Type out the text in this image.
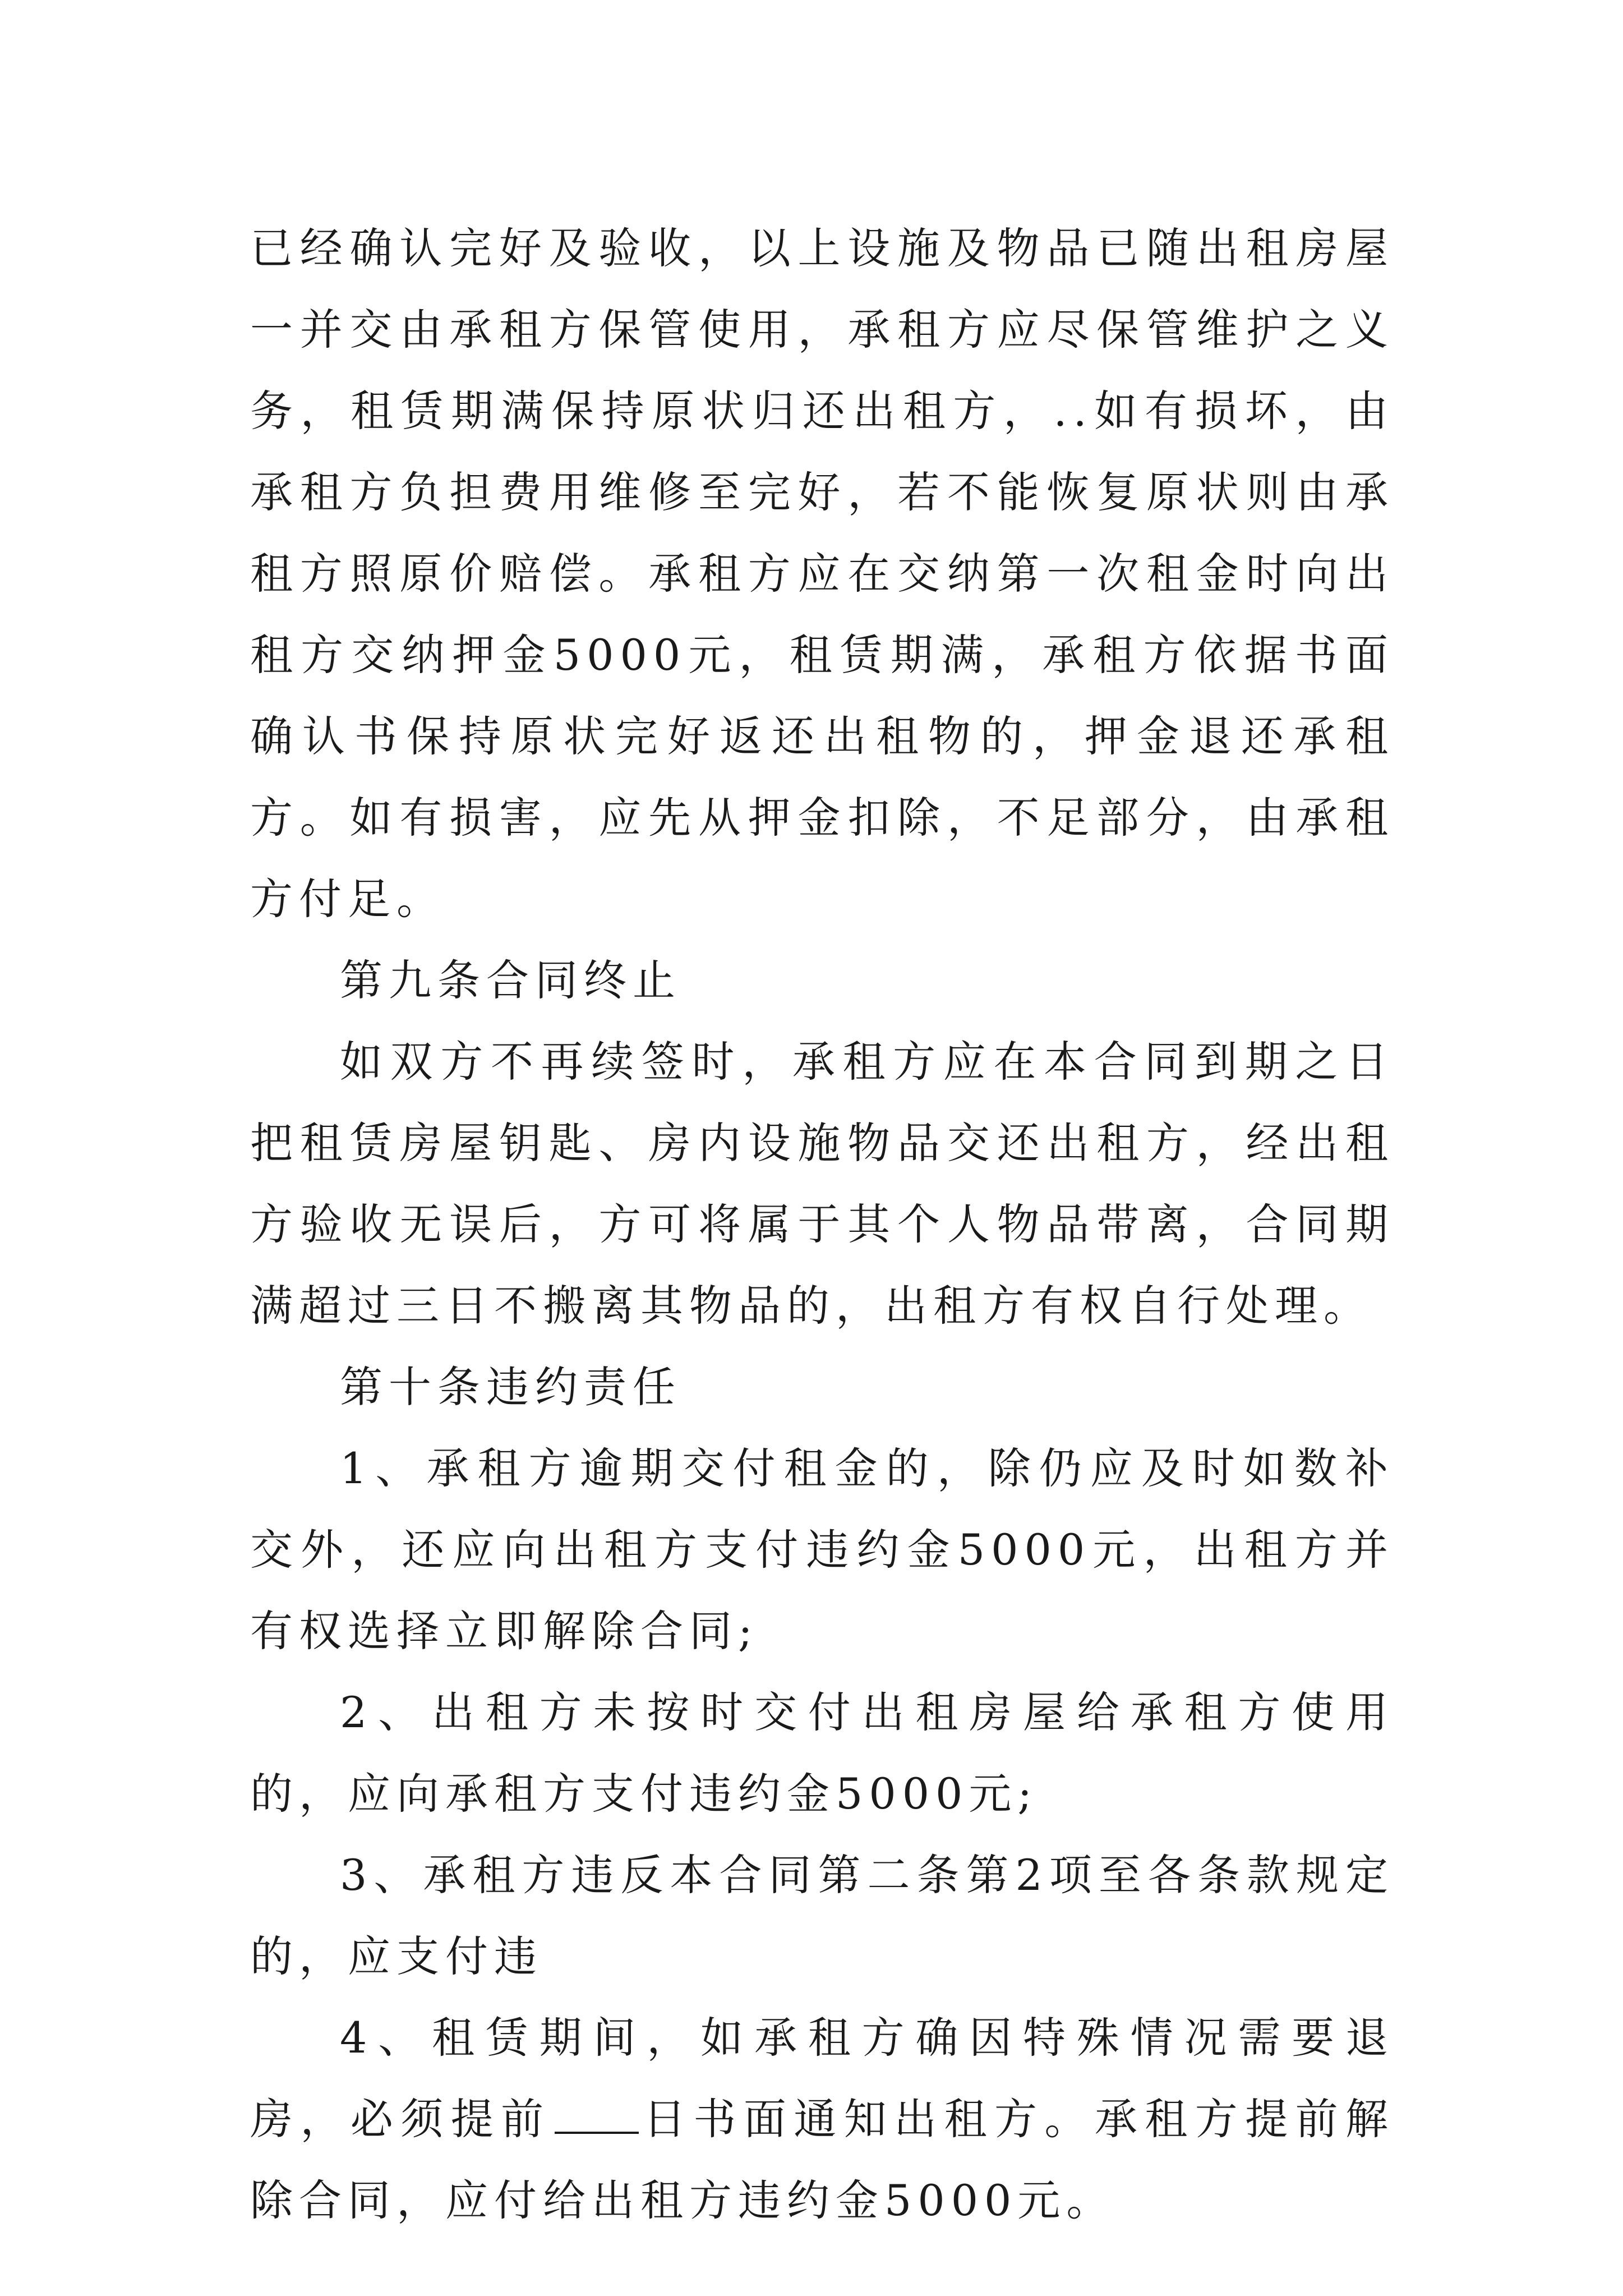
已经确认完好及验收，以上设施及物品已随出租房屋一并交由承租方保管使用，承租方应尽保管维护之义务，租赁期满保持原状归还出租方，..如有损坏，由承租方负担费用维修至完好，若不能恢复原状则由承租方照原价赔偿。承租方应在交纳第一次租金时向出租方交纳押金5000元，租赁期满，承租方依据书面确认书保持原状完好返还出租物的，押金退还承租方。如有损害，应先从押金扣除，不足部分，由承租方付足。

第九条合同终止

如双方不再续签时，承租方应在本合同到期之日把租赁房屋钥匙、房内设施物品交还出租方，经出租方验收无误后，方可将属于其个人物品带离，合同期满超过三日不搬离其物品的，出租方有权自行处理。

第十条违约责任

1、承租方逾期交付租金的，除仍应及时如数补交外，还应向出租方支付违约金5000元，出租方并有权选择立即解除合同;

2、出租方未按时交付出租房屋给承租方使用的，应向承租方支付违约金5000元;

3、承租方违反本合同第二条第2项至各条款规定的，应支付违

4、租赁期间，如承租方确因特殊情况需要退房，必须提前 日书面通知出租方。承租方提前解除合同，应付给出租方违约金5000元。
